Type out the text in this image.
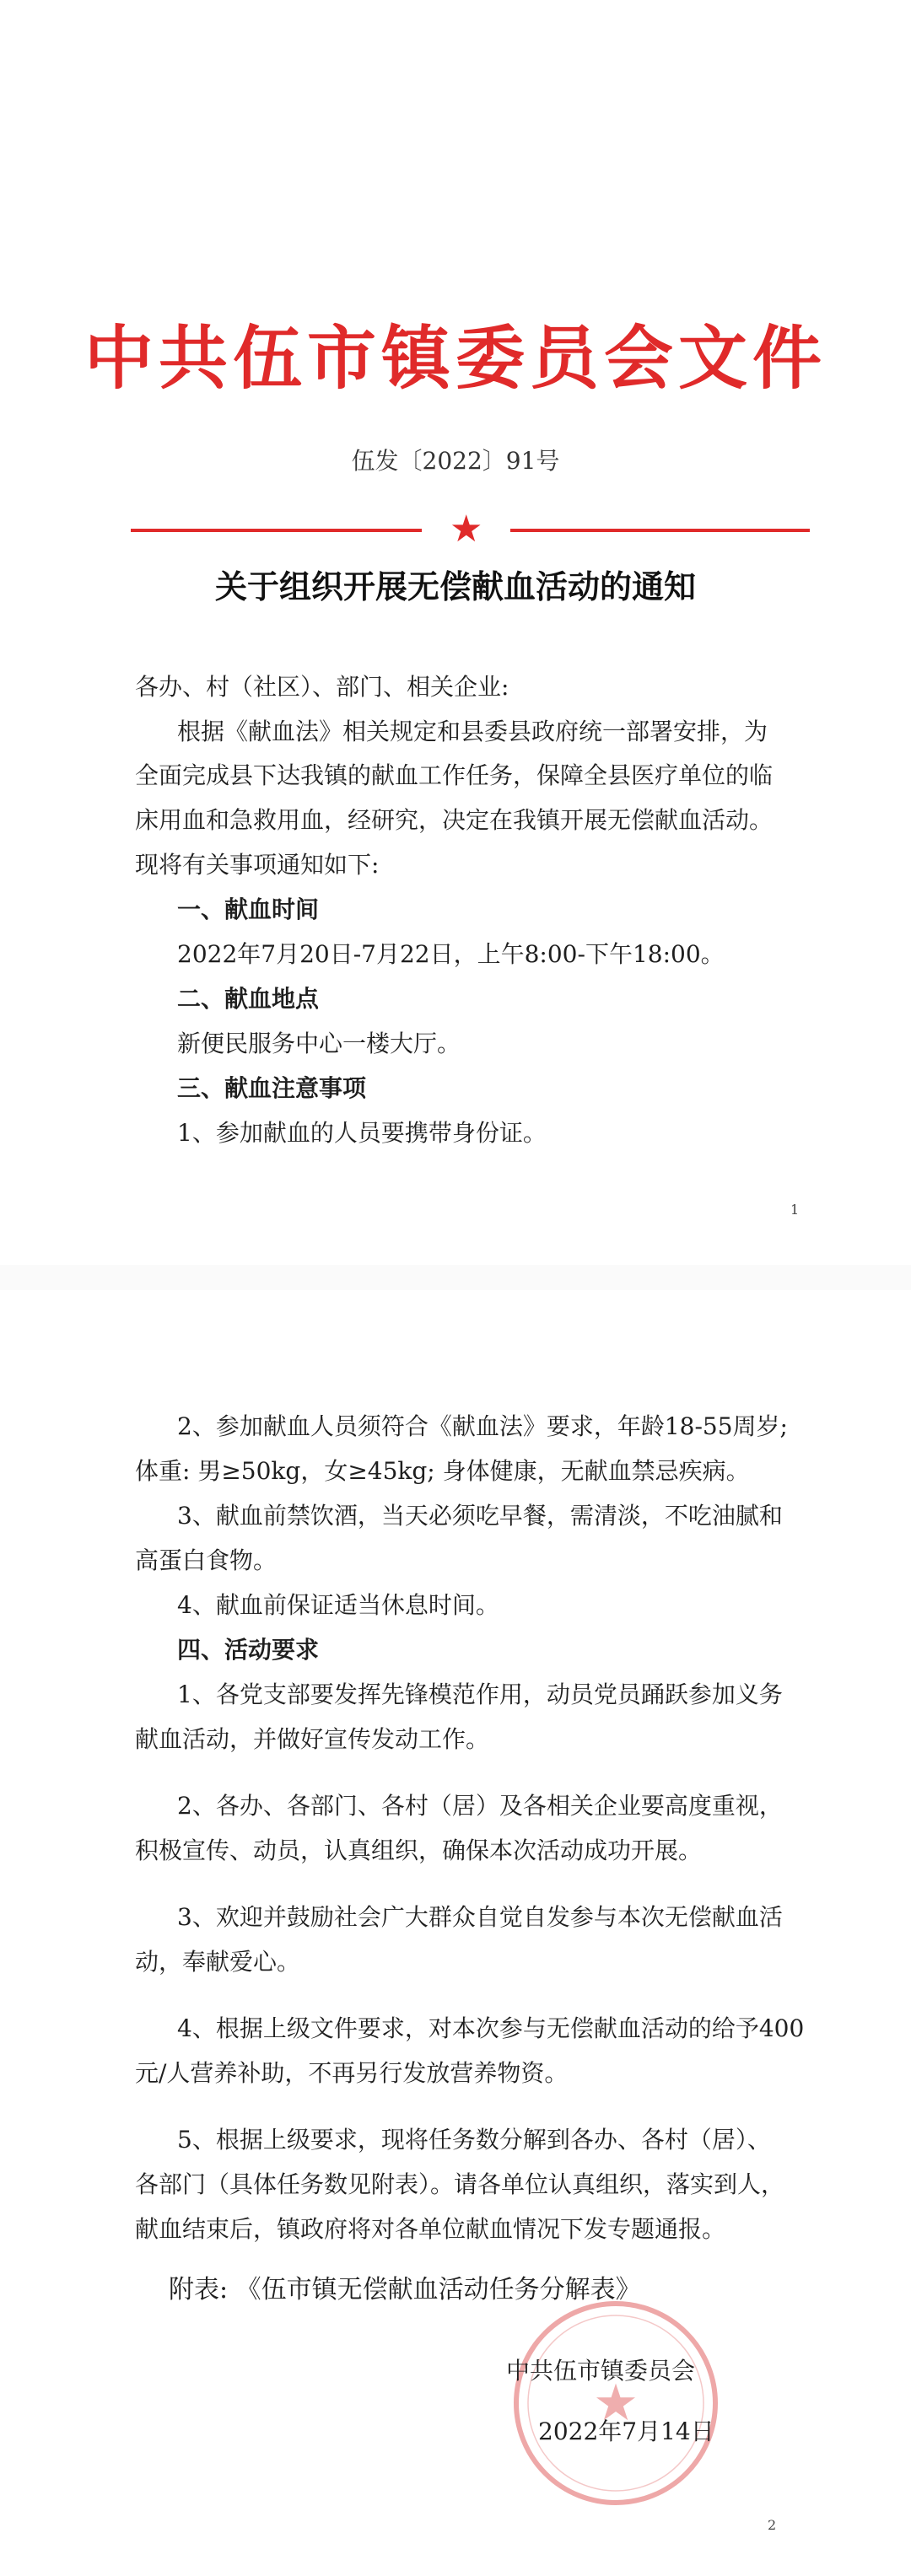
中共伍市镇委员会文件
伍发〔2022〕91号
★
关于组织开展无偿献血活动的通知
各办、村（社区）、部门、相关企业:
根据《献血法》相关规定和县委县政府统一部署安排，为
全面完成县下达我镇的献血工作任务，保障全县医疗单位的临
床用血和急救用血，经研究，决定在我镇开展无偿献血活动。
现将有关事项通知如下:
一、献血时间
2022年7月20日-7月22日，上午8:00-下午18:00。
二、献血地点
新便民服务中心一楼大厅。
三、献血注意事项
1、参加献血的人员要携带身份证。
1
2
2、参加献血人员须符合《献血法》要求，年龄18-55周岁;
体重: 男≥50kg，女≥45kg; 身体健康，无献血禁忌疾病。
3、献血前禁饮酒，当天必须吃早餐，需清淡，不吃油腻和
高蛋白食物。
4、献血前保证适当休息时间。
四、活动要求
1、各党支部要发挥先锋模范作用，动员党员踊跃参加义务
献血活动，并做好宣传发动工作。
2、各办、各部门、各村（居）及各相关企业要高度重视，
积极宣传、动员，认真组织，确保本次活动成功开展。
3、欢迎并鼓励社会广大群众自觉自发参与本次无偿献血活
动，奉献爱心。
4、根据上级文件要求，对本次参与无偿献血活动的给予400
元/人营养补助，不再另行发放营养物资。
5、根据上级要求，现将任务数分解到各办、各村（居）、
各部门（具体任务数见附表）。请各单位认真组织，落实到人，
献血结束后，镇政府将对各单位献血情况下发专题通报。
附表: 《伍市镇无偿献血活动任务分解表》
★
中共伍市镇委员会
2022年7月14日
